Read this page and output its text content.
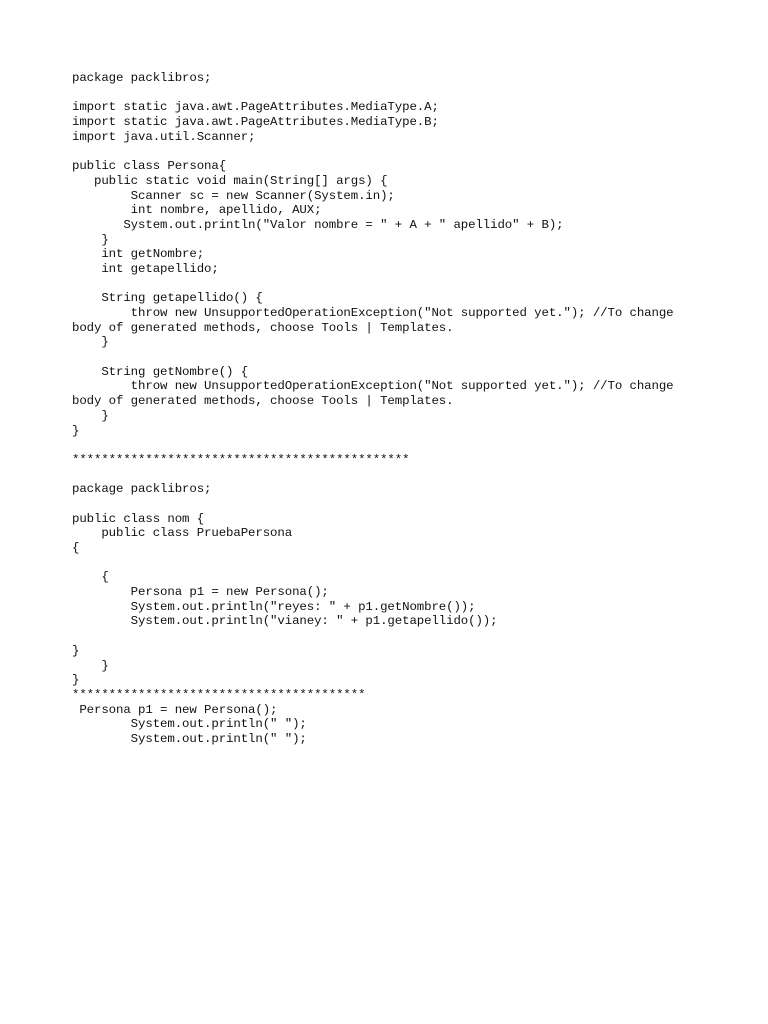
package packlibros;
import static java.awt.PageAttributes.MediaType.A;
import static java.awt.PageAttributes.MediaType.B;
import java.util.Scanner;
public class Persona{
public static void main(String[] args) {
Scanner sc = new Scanner(System.in);
int nombre, apellido, AUX;
System.out.println("Valor nombre = " + A + " apellido" + B);
}
int getNombre;
int getapellido;
String getapellido() {
throw new UnsupportedOperationException("Not supported yet."); //To change
body of generated methods, choose Tools | Templates.
}
String getNombre() {
throw new UnsupportedOperationException("Not supported yet."); //To change
body of generated methods, choose Tools | Templates.
}
}
**********************************************
package packlibros;
public class nom {
public class PruebaPersona
{
{
Persona p1 = new Persona();
System.out.println("reyes: " + p1.getNombre());
System.out.println("vianey: " + p1.getapellido());
}
}
}
****************************************
Persona p1 = new Persona();
System.out.println(" ");
System.out.println(" ");
